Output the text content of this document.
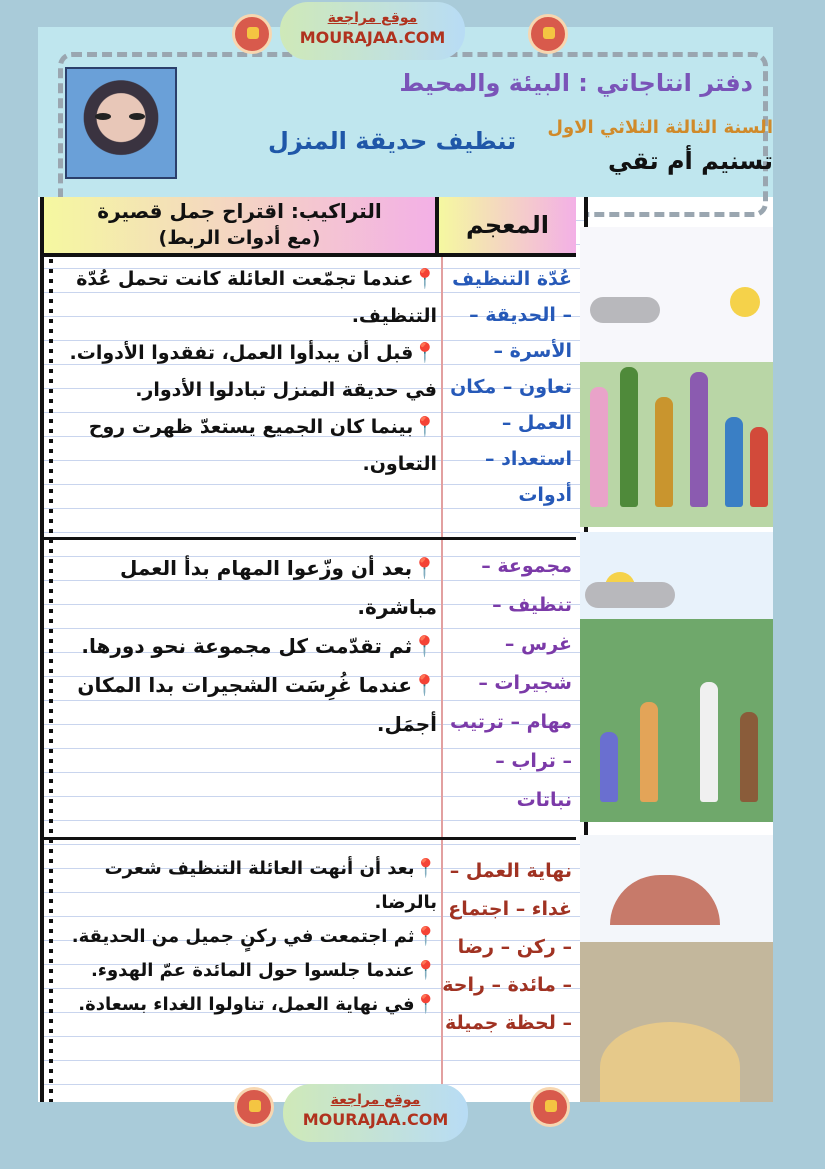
دفتر انتاجاتي : البيئة والمحيط
السنة الثالثة الثلاثي الاول
تنظيف حديقة المنزل
تسنيم أم تقي
التراكيب: اقتراح جمل قصيرة
(مع أدوات الربط)	المعجم
📍عندما تجمّعت العائلة كانت تحمل عُدّة التنظيف.
📍قبل أن يبدأوا العمل، تفقدوا الأدوات. في حديقة المنزل تبادلوا الأدوار.
📍بينما كان الجميع يستعدّ ظهرت روح التعاون.
عُدّة التنظيف – الحديقة – الأسرة – تعاون – مكان العمل – استعداد – أدوات
📍بعد أن وزّعوا المهام بدأ العمل مباشرة.
📍ثم تقدّمت كل مجموعة نحو دورها.
📍عندما غُرِسَت الشجيرات بدا المكان أجمَل.
مجموعة – تنظيف – غرس – شجيرات – مهام – ترتيب – تراب – نباتات
📍بعد أن أنهت العائلة التنظيف شعرت بالرضا.
📍ثم اجتمعت في ركنٍ جميل من الحديقة.
📍عندما جلسوا حول المائدة عمّ الهدوء.
📍في نهاية العمل، تناولوا الغداء بسعادة.
نهاية العمل – غداء – اجتماع – ركن – رضا – مائدة – راحة – لحظة جميلة
موقع مراجعة
MOURAJAA.COM
موقع مراجعة
MOURAJAA.COM
